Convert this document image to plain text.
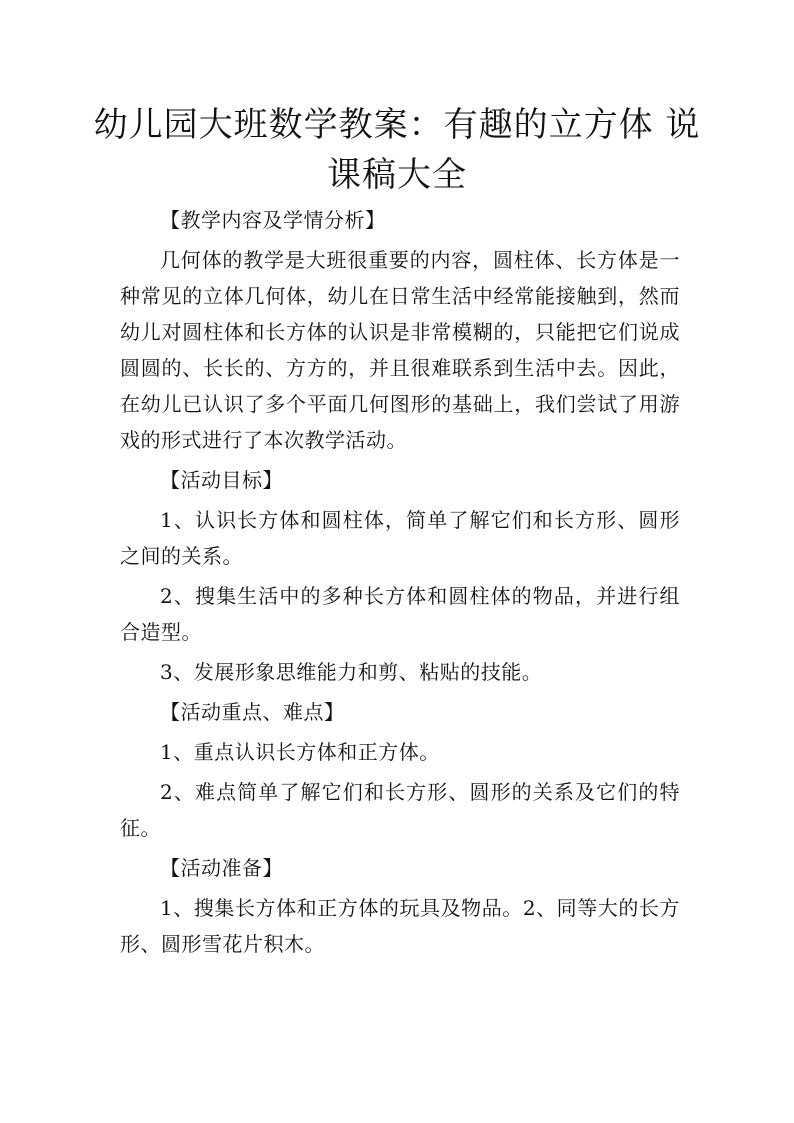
幼儿园大班数学教案：有趣的立方体 说课稿大全

【教学内容及学情分析】

几何体的教学是大班很重要的内容，圆柱体、长方体是一种常见的立体几何体，幼儿在日常生活中经常能接触到，然而幼儿对圆柱体和长方体的认识是非常模糊的，只能把它们说成圆圆的、长长的、方方的，并且很难联系到生活中去。因此，在幼儿已认识了多个平面几何图形的基础上，我们尝试了用游戏的形式进行了本次教学活动。

【活动目标】

1、认识长方体和圆柱体，简单了解它们和长方形、圆形之间的关系。

2、搜集生活中的多种长方体和圆柱体的物品，并进行组合造型。

3、发展形象思维能力和剪、粘贴的技能。

【活动重点、难点】

1、重点认识长方体和正方体。

2、难点简单了解它们和长方形、圆形的关系及它们的特征。

【活动准备】

1、搜集长方体和正方体的玩具及物品。2、同等大的长方形、圆形雪花片积木。
